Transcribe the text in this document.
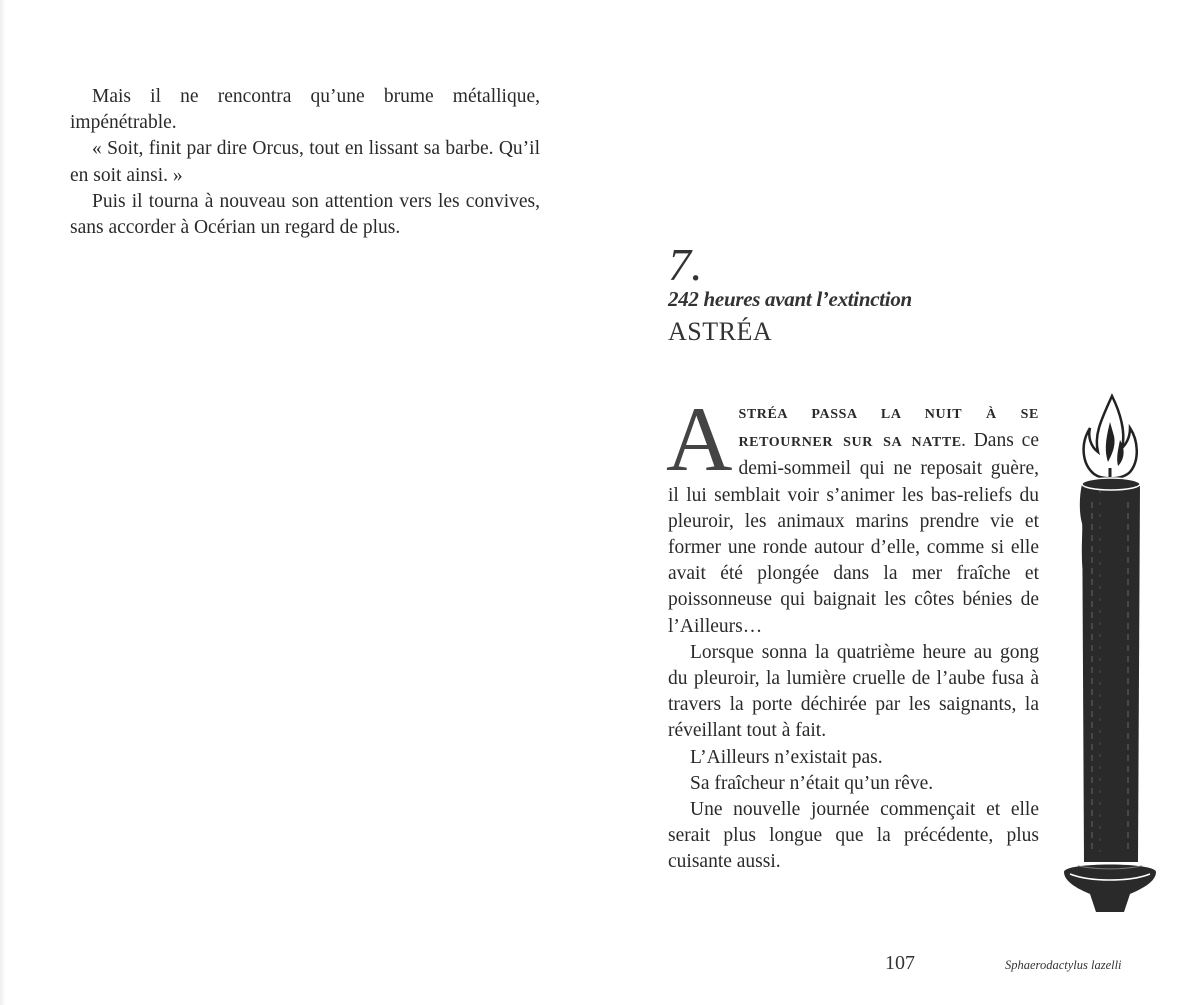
Mais il ne rencontra qu’une brume métallique, impénétrable.

« Soit, finit par dire Orcus, tout en lissant sa barbe. Qu’il en soit ainsi. »

Puis il tourna à nouveau son attention vers les convives, sans accorder à Océrian un regard de plus.

7.
242 heures avant l’extinction
ASTRÉA

ASTRÉA PASSA LA NUIT À SE RETOURNER SUR SA NATTE. Dans ce demi-sommeil qui ne reposait guère, il lui semblait voir s’animer les bas-reliefs du pleuroir, les animaux marins prendre vie et former une ronde autour d’elle, comme si elle avait été plongée dans la mer fraîche et poissonneuse qui baignait les côtes bénies de l’Ailleurs…

Lorsque sonna la quatrième heure au gong du pleuroir, la lumière cruelle de l’aube fusa à travers la porte déchirée par les saignants, la réveillant tout à fait.

L’Ailleurs n’existait pas.

Sa fraîcheur n’était qu’un rêve.

Une nouvelle journée commençait et elle serait plus longue que la précédente, plus cuisante aussi.

107	Sphaerodactylus lazelli
